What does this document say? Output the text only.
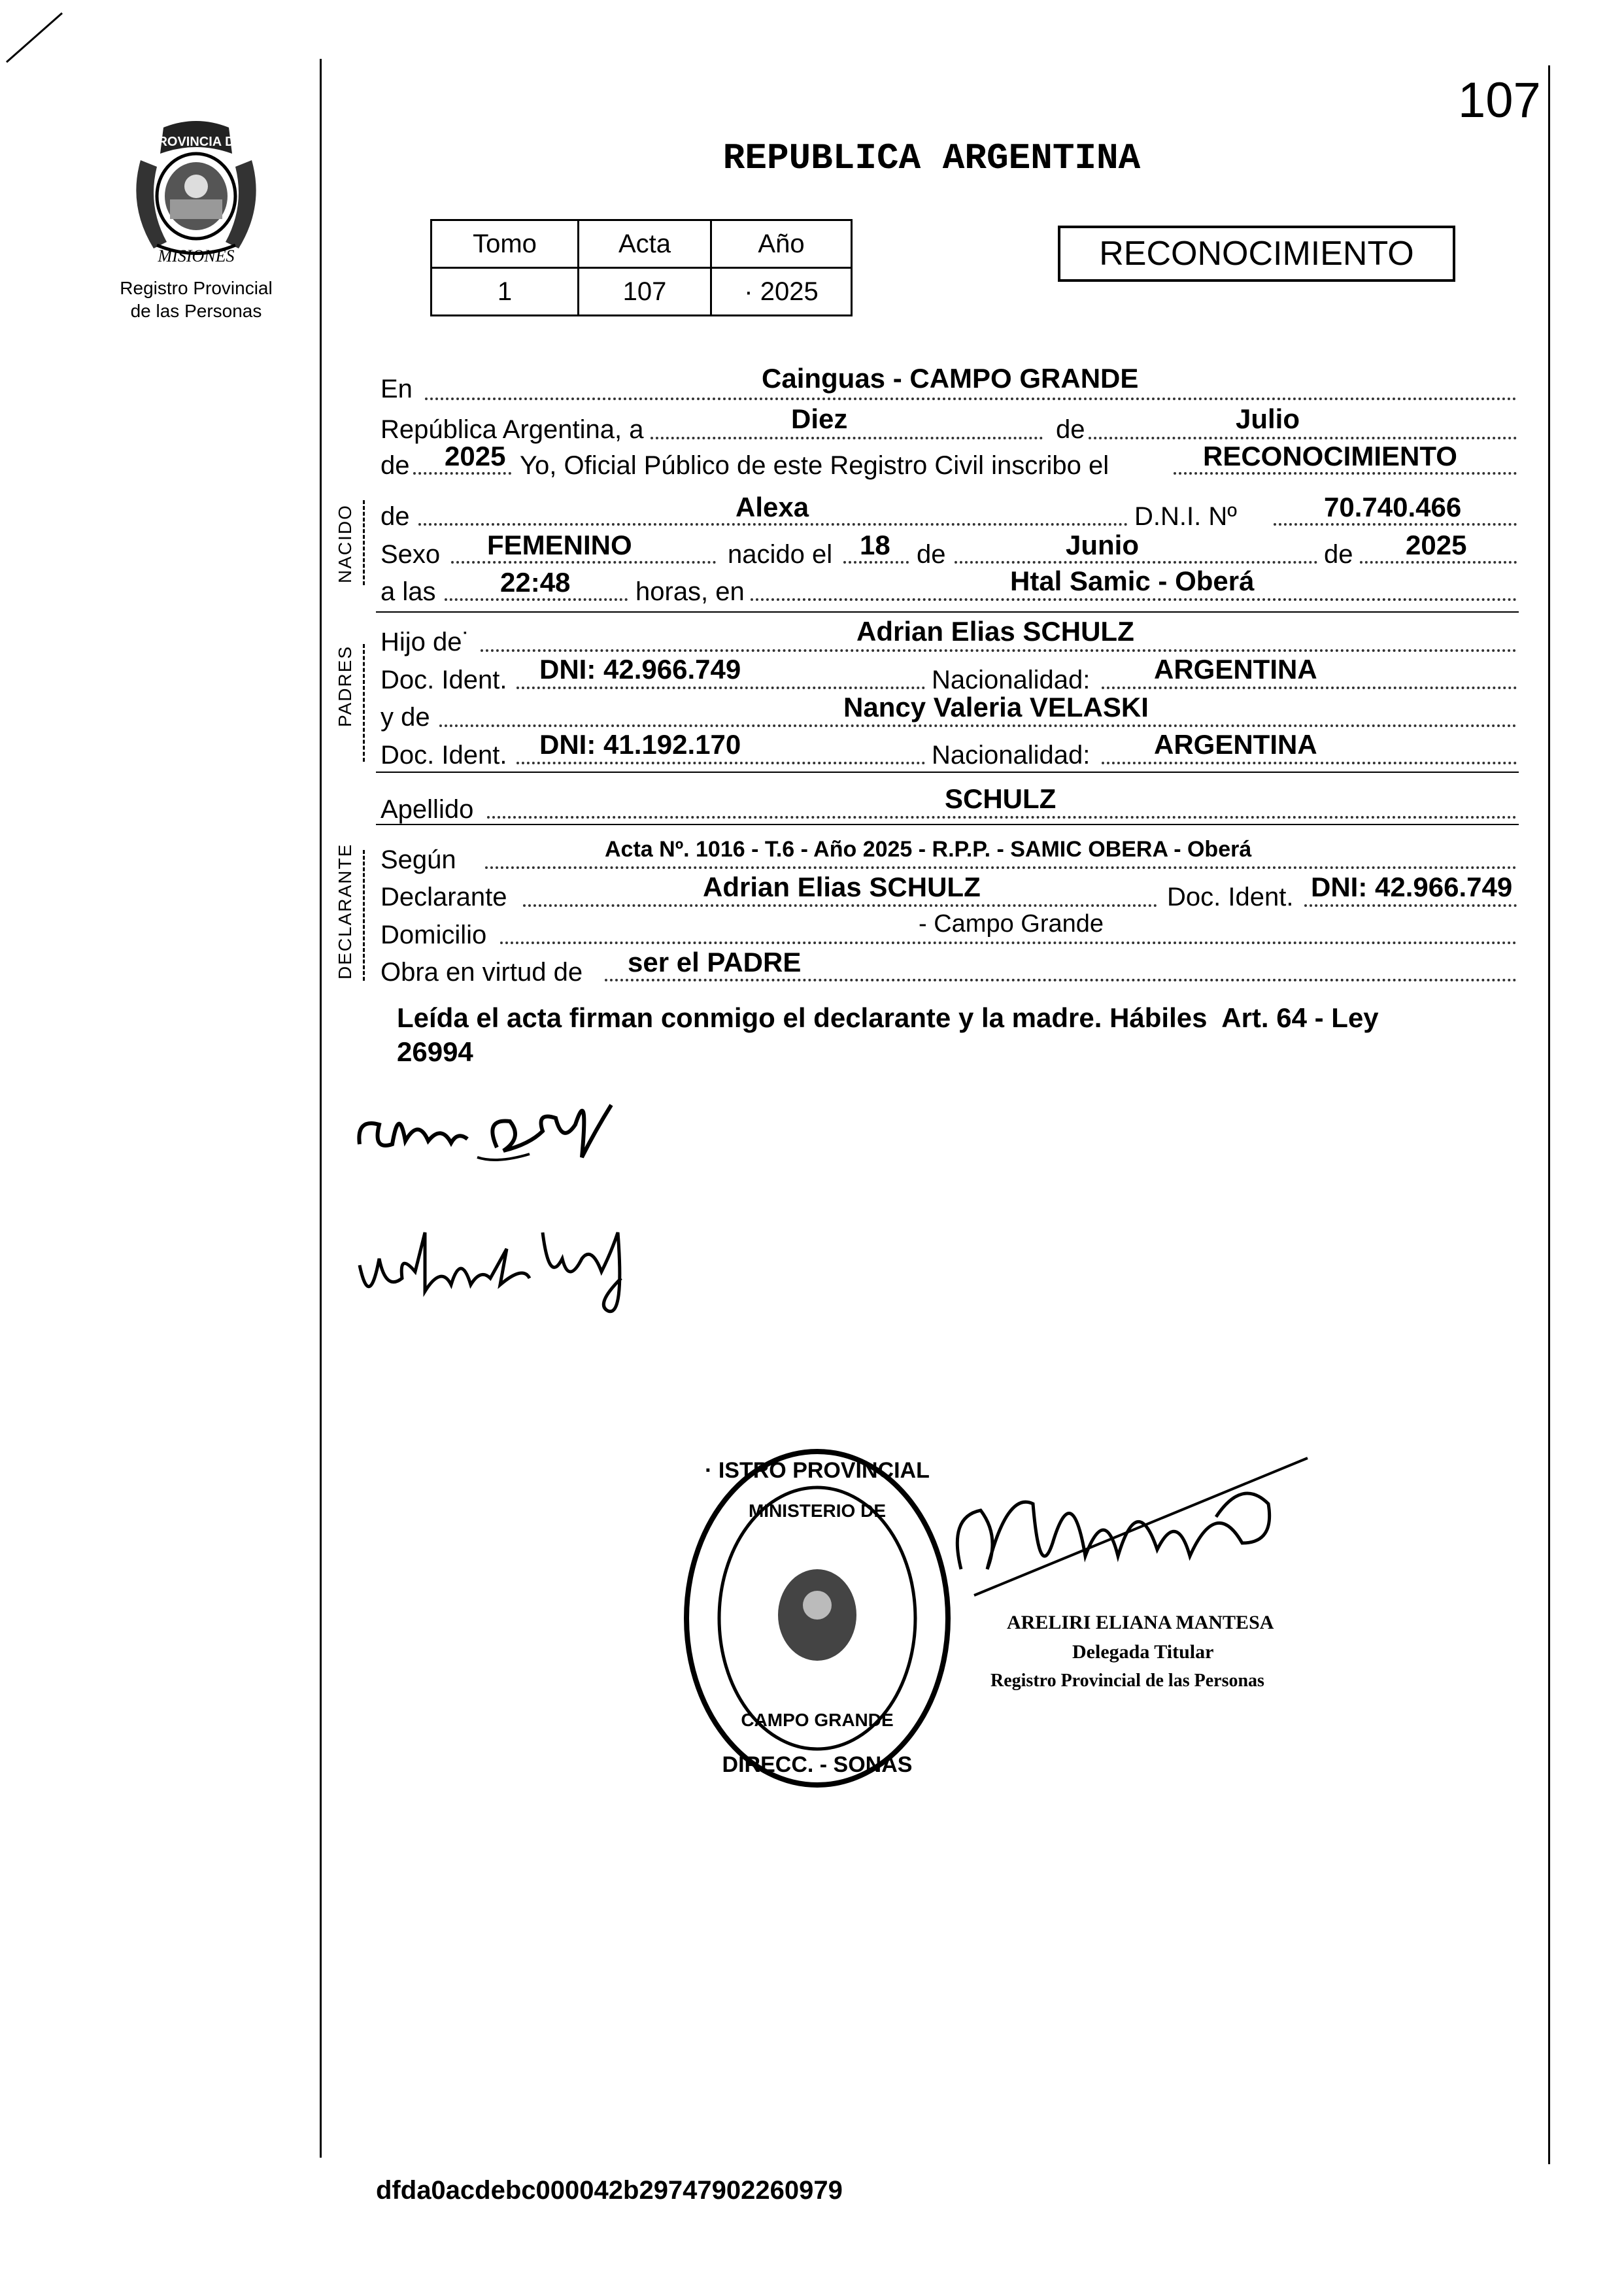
107
PROVINCIA DE
MISIONES
Registro Provincial
de las Personas
REPUBLICA ARGENTINA
Tomo	Acta	Año
1	107	· 2025
RECONOCIMIENTO
NACIDO
PADRES
DECLARANTE
En	Cainguas - CAMPO GRANDE
República Argentina, a	Diez	de	Julio
de 2025 Yo, Oficial Público de este Registro Civil inscribo el	RECONOCIMIENTO
de	Alexa	D.N.I. Nº	70.740.466
Sexo FEMENINO	nacido el 18 de	Junio	de 2025
a las 22:48 horas, en	Htal Samic - Oberá
Hijo de˙	Adrian Elias SCHULZ
Doc. Ident. DNI: 42.966.749	Nacionalidad: ARGENTINA
y de	Nancy Valeria VELASKI
Doc. Ident. DNI: 41.192.170	Nacionalidad: ARGENTINA
Apellido	SCHULZ
Según	Acta Nº. 1016 - T.6 - Año 2025 - R.P.P. - SAMIC OBERA - Oberá
Declarante	Adrian Elias SCHULZ	Doc. Ident. DNI: 42.966.749
Domicilio	- Campo Grande
Obra en virtud de ser el PADRE
Leída el acta firman conmigo el declarante y la madre. Hábiles  Art. 64 - Ley
26994
· ISTRO PROVINCIAL
MINISTERIO DE
CAMPO GRANDE
DIRECC. - SONAS
ARELIRI ELIANA MANTESA
Delegada Titular
Registro Provincial de las Personas
dfda0acdebc000042b29747902260979
